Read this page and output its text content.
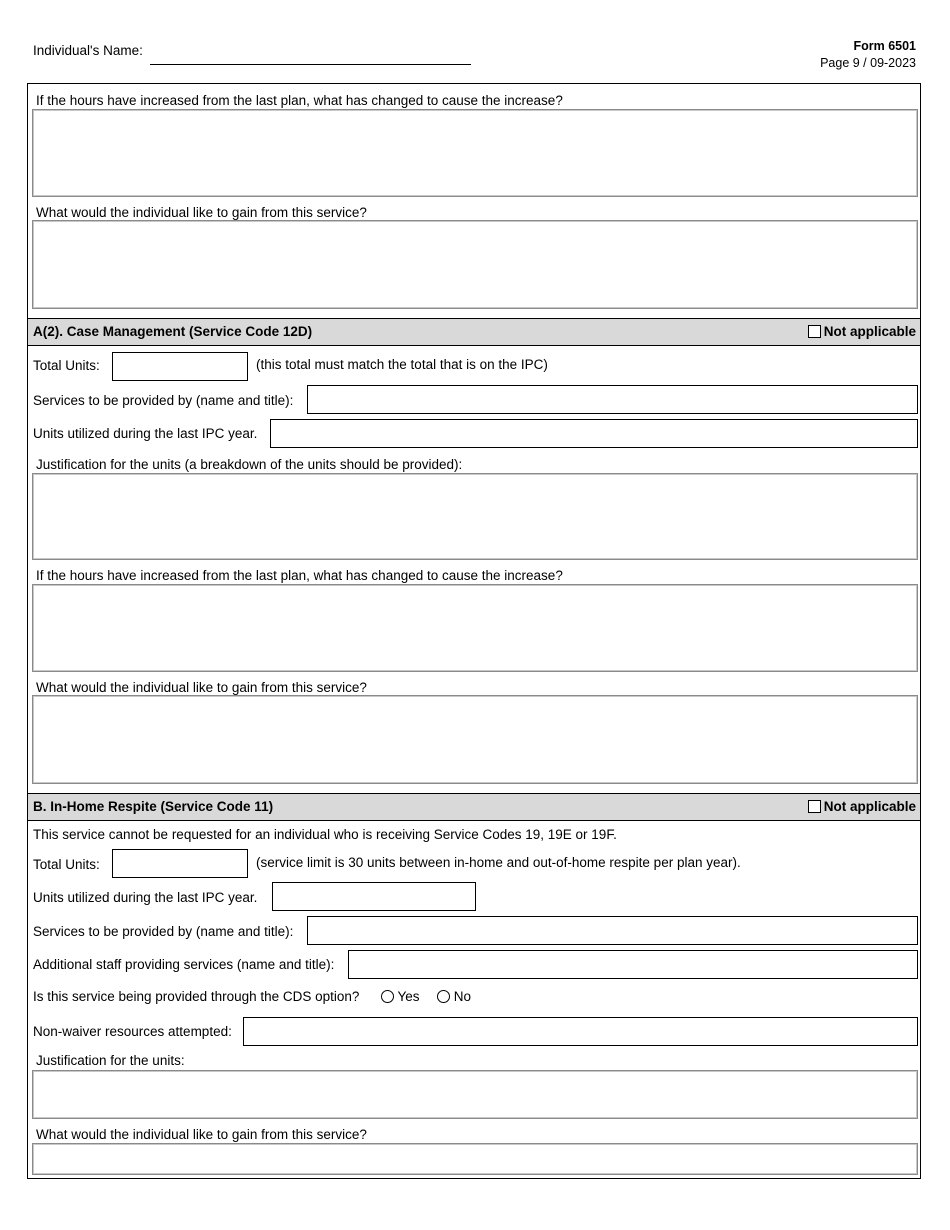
Individual's Name:	Form 6501
Page 9 / 09-2023
If the hours have increased from the last plan, what has changed to cause the increase?
What would the individual like to gain from this service?
A(2). Case Management (Service Code 12D)	Not applicable
Total Units:	(this total must match the total that is on the IPC)
Services to be provided by (name and title):
Units utilized during the last IPC year.
Justification for the units (a breakdown of the units should be provided):
If the hours have increased from the last plan, what has changed to cause the increase?
What would the individual like to gain from this service?
B. In-Home Respite (Service Code 11)	Not applicable
This service cannot be requested for an individual who is receiving Service Codes 19, 19E or 19F.
Total Units:	(service limit is 30 units between in-home and out-of-home respite per plan year).
Units utilized during the last IPC year.
Services to be provided by (name and title):
Additional staff providing services (name and title):
Is this service being provided through the CDS option?	Yes	No
Non-waiver resources attempted:
Justification for the units:
What would the individual like to gain from this service?
